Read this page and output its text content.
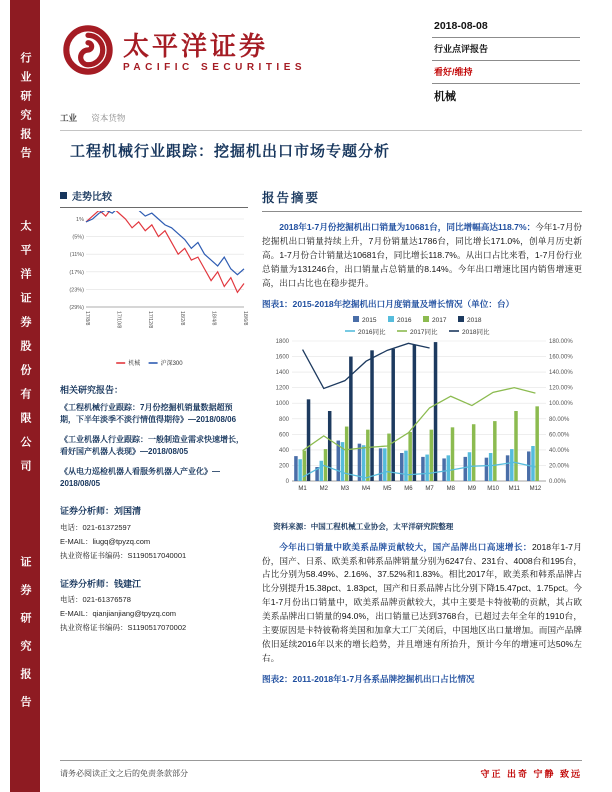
行业研究报告
太平洋证券股份有限公司
证券研究报告
太平洋证券
PACIFIC SECURITIES
2018-08-08
行业点评报告
看好/维持
机械
工业 资本货物
工程机械行业跟踪：挖掘机出口市场专题分析
走势比较
1%
(5%)
(11%)
(17%)
(23%)
(29%)
17/8/8	17/10/8	17/12/8	18/2/8	18/4/8	18/6/8
机械	沪深300
相关研究报告：
《工程机械行业跟踪：7月份挖掘机销量数据超预期，下半年淡季不淡行情值得期待》—2018/08/06
《工业机器人行业跟踪：一般制造业需求快速增长，看好国产机器人表现》—2018/08/05
《从电力巡检机器人看服务机器人产业化》—2018/08/05
证券分析师：刘国清
电话：021-61372597
E-MAIL：liugq@tpyzq.com
执业资格证书编码：S1190517040001
证券分析师：钱建江
电话：021-61376578
E-MAIL：qianjianjiang@tpyzq.com
执业资格证书编码：S1190517070002
报告摘要

2018年1-7月份挖掘机出口销量为10681台，同比增幅高达118.7%：今年1-7月份挖掘机出口销量持续上升，7月份销量达1786台，同比增长171.0%，创单月历史新高。1-7月份合计销量达10681台，同比增长118.7%。从出口占比来看，1-7月份行业总销量为131246台，出口销量占总销量的8.14%。今年出口增速比国内销售增速更高，出口占比也在稳步提升。

图表1：2015-2018年挖掘机出口月度销量及增长情况（单位：台）
0	0.00%
200	20.00%
400	40.00%
600	60.00%
800	80.00%
1000	100.00%
1200	120.00%
1400	140.00%
1600	160.00%
1800	180.00%
M1 M2 M3 M4 M5 M6 M7 M8 M9 M10 M11 M12
2015	2016	2017	2018
2016同比	2017同比	2018同比
资料来源：中国工程机械工业协会，太平洋研究院整理

今年出口销量中欧美系品牌贡献较大，国产品牌出口高速增长：2018年1-7月份，国产、日系、欧美系和韩系品牌销量分别为6247台、231台、4008台和195台，占比分别为58.49%、2.16%、37.52%和1.83%。相比2017年，欧美系和韩系品牌占比分别提升15.38pct、1.83pct，国产和日系品牌占比分别下降15.47pct、1.75pct。今年1-7月份出口销量中，欧美系品牌贡献较大，其中主要是卡特彼勒的贡献，其占欧美系品牌出口销量的94.0%，出口销量已达到3768台，已超过去年全年的1910台，主要原因是卡特彼勒将美国和加拿大工厂关闭后，中国地区出口量增加。而国产品牌依旧延续2016年以来的增长趋势，并且增速有所抬升，预计今年的增速可达50%左右。

图表2：2011-2018年1-7月各系品牌挖掘机出口占比情况
请务必阅读正文之后的免责条款部分	守正 出奇 宁静 致远
